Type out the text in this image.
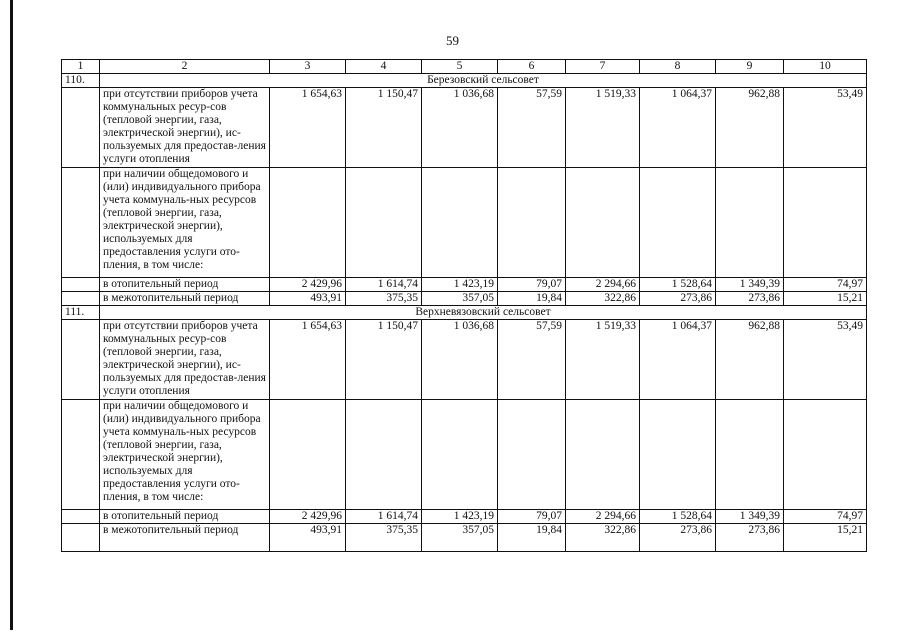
59
1	2	3	4	5	6	7	8	9	10
110.	Березовский сельсовет								
	при отсутствии приборов учета коммунальных ресур-сов (тепловой энергии, газа, электрической энергии), ис-пользуемых для предостав-ления услуги отопления	1 654,63	1 150,47	1 036,68	57,59	1 519,33	1 064,37	962,88	53,49
	при наличии общедомового и (или) индивидуального прибора учета коммуналь-ных ресурсов (тепловой энергии, газа, электрической энергии), используемых для предоставления услуги ото-пления, в том числе:								
	в отопительный период	2 429,96	1 614,74	1 423,19	79,07	2 294,66	1 528,64	1 349,39	74,97
	в межотопительный период	493,91	375,35	357,05	19,84	322,86	273,86	273,86	15,21
111.	Верхневязовский сельсовет								
	при отсутствии приборов учета коммунальных ресур-сов (тепловой энергии, газа, электрической энергии), ис-пользуемых для предостав-ления услуги отопления	1 654,63	1 150,47	1 036,68	57,59	1 519,33	1 064,37	962,88	53,49
	при наличии общедомового и (или) индивидуального прибора учета коммуналь-ных ресурсов (тепловой энергии, газа, электрической энергии), используемых для предоставления услуги ото-пления, в том числе:								
	в отопительный период	2 429,96	1 614,74	1 423,19	79,07	2 294,66	1 528,64	1 349,39	74,97
	в межотопительный период	493,91	375,35	357,05	19,84	322,86	273,86	273,86	15,21
